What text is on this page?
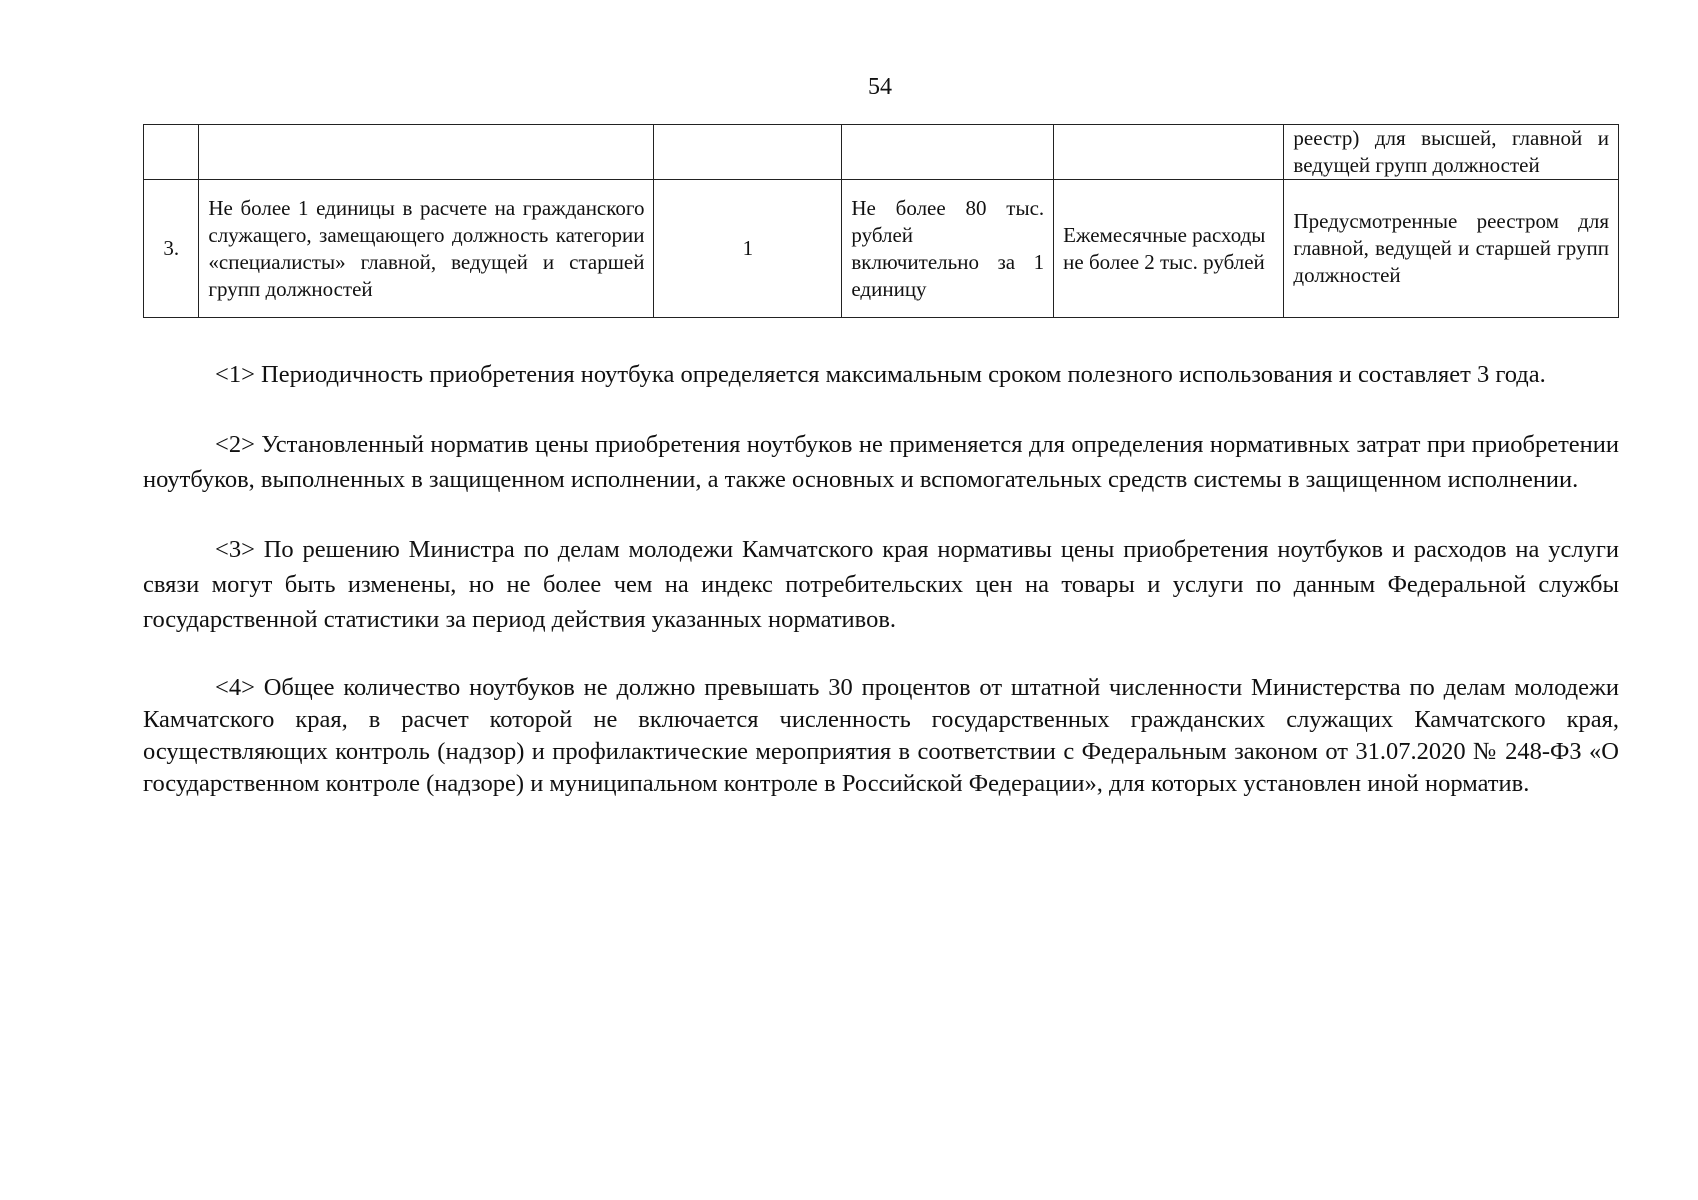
54
					реестр) для высшей, главной и ведущей групп должностей
3.	Не более 1 единицы в расчете на гражданского служащего, замещающего должность категории «специалисты» главной, ведущей и старшей групп должностей	1	Не более 80 тыс. рублей включительно за 1 единицу	Ежемесячные расходы не более 2 тыс. рублей	Предусмотренные реестром для главной, ведущей и старшей групп должностей

<1> Периодичность приобретения ноутбука определяется максимальным сроком полезного использования и составляет 3 года.

<2> Установленный норматив цены приобретения ноутбуков не применяется для определения нормативных затрат при приобретении ноутбуков, выполненных в защищенном исполнении, а также основных и вспомогательных средств системы в защищенном исполнении.

<3> По решению Министра по делам молодежи Камчатского края нормативы цены приобретения ноутбуков и расходов на услуги связи могут быть изменены, но не более чем на индекс потребительских цен на товары и услуги по данным Федеральной службы государственной статистики за период действия указанных нормативов.

<4> Общее количество ноутбуков не должно превышать 30 процентов от штатной численности Министерства по делам молодежи Камчатского края, в расчет которой не включается численность государственных гражданских служащих Камчатского края, осуществляющих контроль (надзор) и профилактические мероприятия в соответствии с Федеральным законом от 31.07.2020 № 248-ФЗ «О государственном контроле (надзоре) и муниципальном контроле в Российской Федерации», для которых установлен иной норматив.
